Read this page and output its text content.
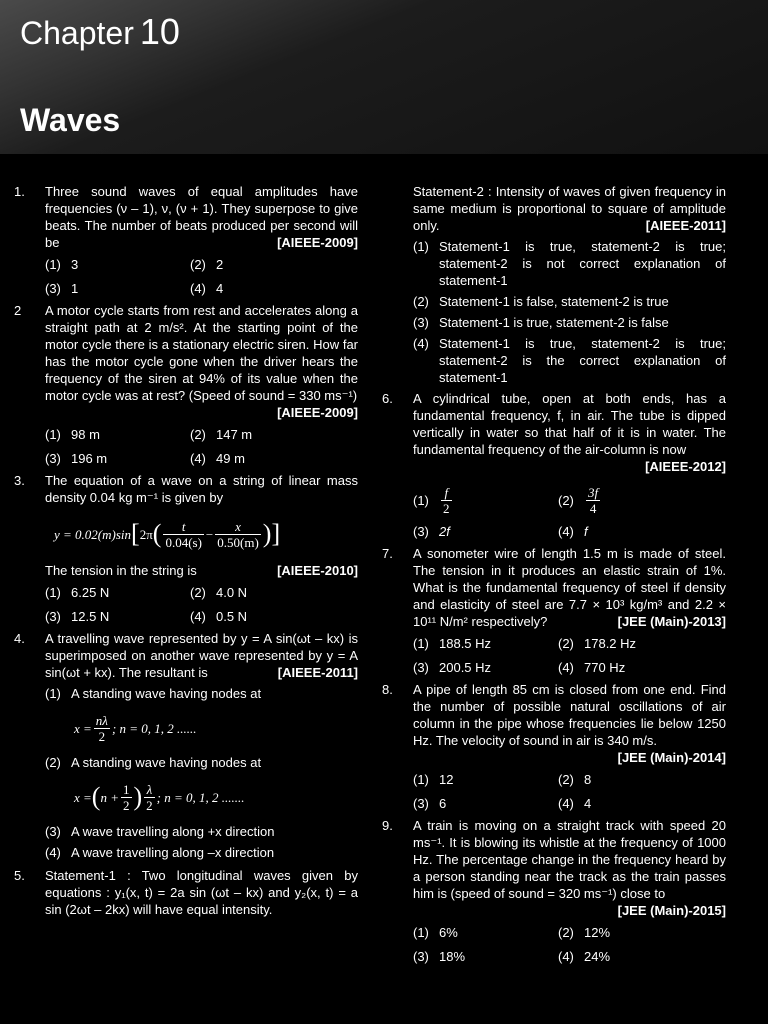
Chapter 10
Waves
1.	Three sound waves of equal amplitudes have frequencies (ν – 1), ν, (ν + 1). They superpose to give beats. The number of beats produced per second will be	[AIEEE-2009]
(1) 3	(2) 2
(3) 1	(4) 4
2	A motor cycle starts from rest and accelerates along a straight path at 2 m/s². At the starting point of the motor cycle there is a stationary electric siren. How far has the motor cycle gone when the driver hears the frequency of the siren at 94% of its value when the motor cycle was at rest? (Speed of sound = 330 ms⁻¹)
[AIEEE-2009]
(1) 98 m	(2) 147 m
(3) 196 m	(4) 49 m
3.	The equation of a wave on a string of linear mass density 0.04 kg m⁻¹ is given by
y = 0.02(m)sin [ 2π ( $\frac{t}{0.04(s)} - \frac{x}{0.50(m)}$ )]
The tension in the string is	[AIEEE-2010]
(1) 6.25 N	(2) 4.0 N
(3) 12.5 N	(4) 0.5 N
4.	A travelling wave represented by y = A sin(ωt – kx) is superimposed on another wave represented by y = A sin(ωt + kx). The resultant is	[AIEEE-2011]
(1) A standing wave having nodes at
$x = \frac{n\lambda}{2}$ ; n = 0, 1, 2 ......
(2) A standing wave having nodes at
x = ( $n + \frac{1}{2}$ ) $\frac{\lambda}{2}$ ; n = 0, 1, 2 .......
(3) A wave travelling along +x direction
(4) A wave travelling along –x direction
5.	Statement-1 : Two longitudinal waves given by equations : y₁(x, t) = 2a sin (ωt – kx) and y₂(x, t) = a sin (2ωt – 2kx) will have equal intensity.
Statement-2 : Intensity of waves of given frequency in same medium is proportional to square of amplitude only.	[AIEEE-2011]
(1) Statement-1 is true, statement-2 is true; statement-2 is not correct explanation of statement-1
(2) Statement-1 is false, statement-2 is true
(3) Statement-1 is true, statement-2 is false
(4) Statement-1 is true, statement-2 is true; statement-2 is the correct explanation of statement-1
6.	A cylindrical tube, open at both ends, has a fundamental frequency, f, in air. The tube is dipped vertically in water so that half of it is in water. The fundamental frequency of the air-column is now
[AIEEE-2012]
$(1) \frac{f}{2}$	$(2) \frac{3f}{4}$
(3) 2f	(4) f
7.	A sonometer wire of length 1.5 m is made of steel. The tension in it produces an elastic strain of 1%. What is the fundamental frequency of steel if density and elasticity of steel are 7.7 × 10³ kg/m³ and 2.2 × 10¹¹ N/m² respectively?	[JEE (Main)-2013]
(1) 188.5 Hz	(2) 178.2 Hz
(3) 200.5 Hz	(4) 770 Hz
8.	A pipe of length 85 cm is closed from one end. Find the number of possible natural oscillations of air column in the pipe whose frequencies lie below 1250 Hz. The velocity of sound in air is 340 m/s.
[JEE (Main)-2014]
(1) 12	(2) 8
(3) 6	(4) 4
9.	A train is moving on a straight track with speed 20 ms⁻¹. It is blowing its whistle at the frequency of 1000 Hz. The percentage change in the frequency heard by a person standing near the track as the train passes him is (speed of sound = 320 ms⁻¹) close to
[JEE (Main)-2015]
(1) 6%	(2) 12%
(3) 18%	(4) 24%
